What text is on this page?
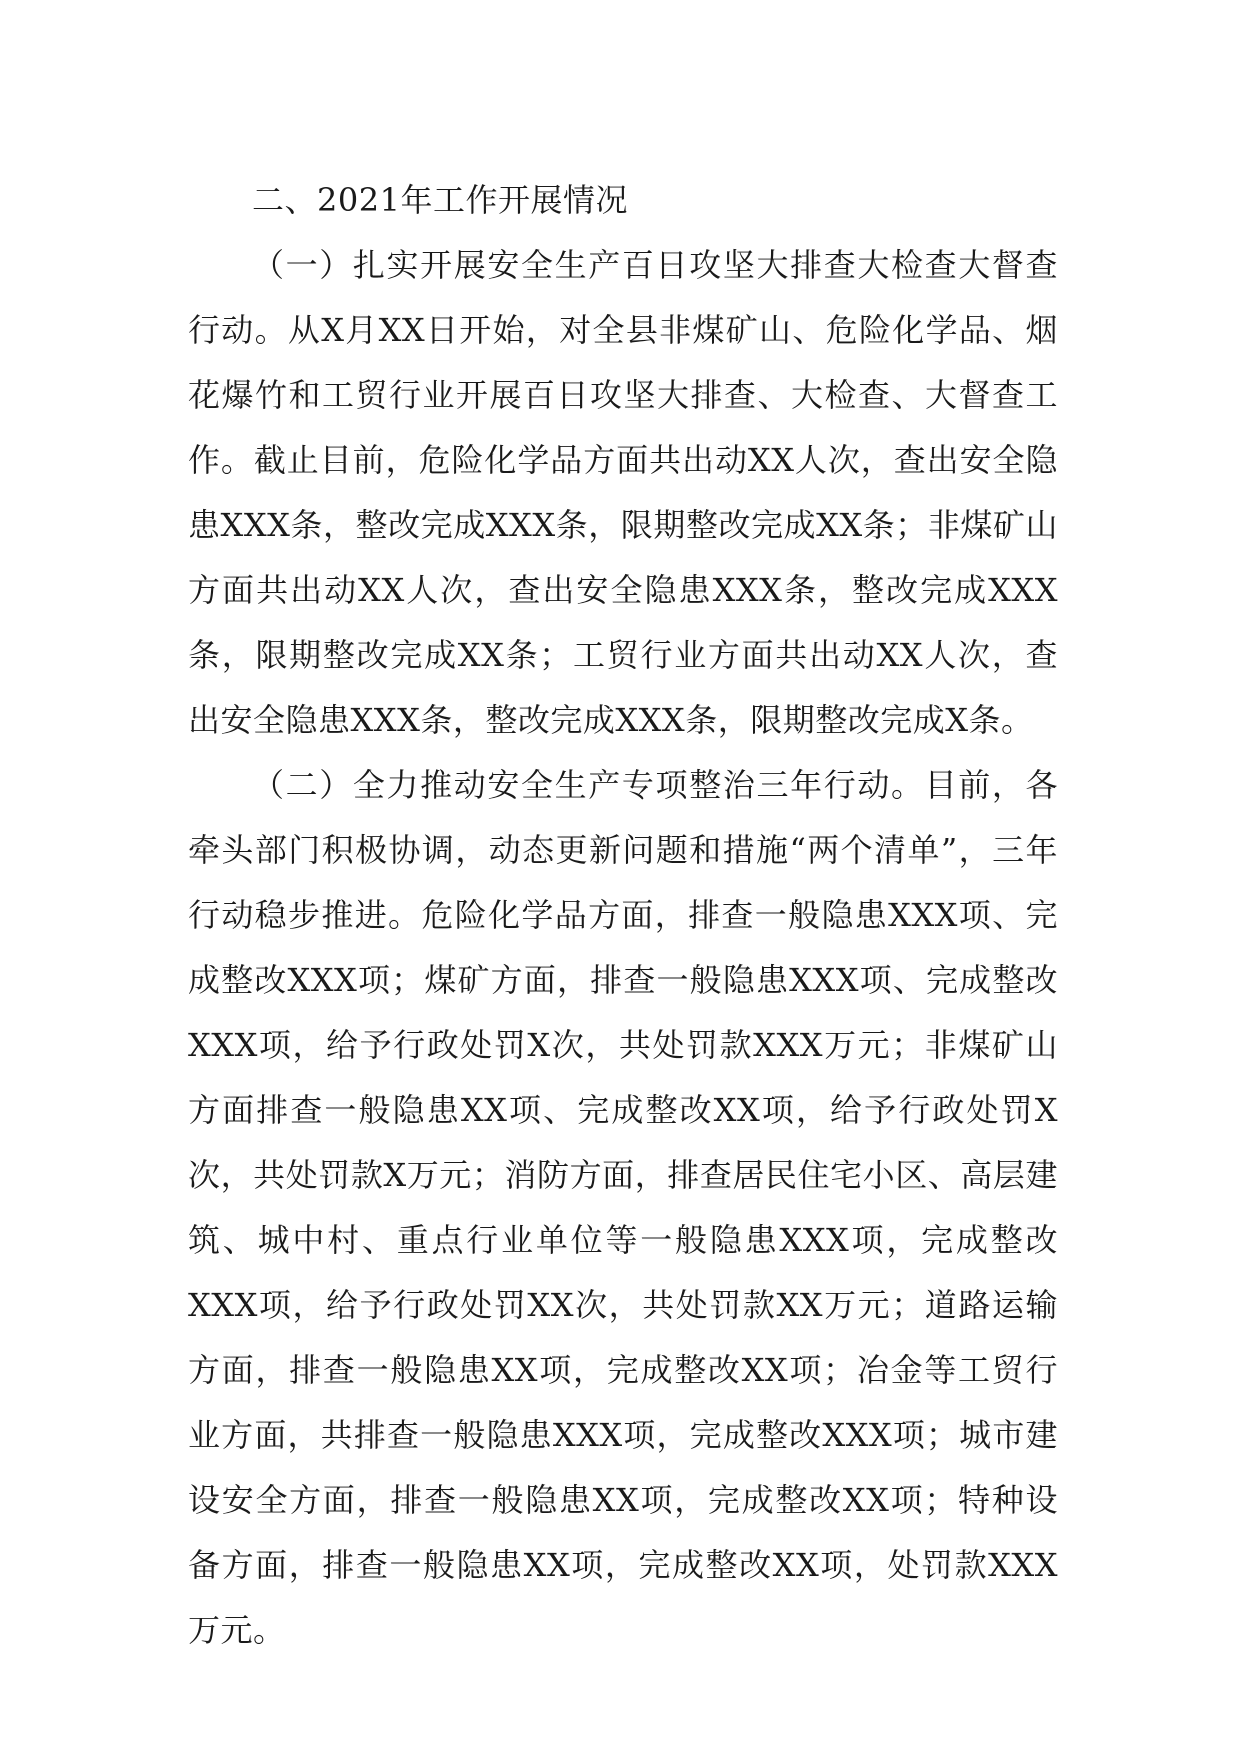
二、2021年工作开展情况

（一）扎实开展安全生产百日攻坚大排查大检查大督查行动。从X月XX日开始，对全县非煤矿山、危险化学品、烟花爆竹和工贸行业开展百日攻坚大排查、大检查、大督查工作。截止目前，危险化学品方面共出动XX人次，查出安全隐患XXX条，整改完成XXX条，限期整改完成XX条；非煤矿山方面共出动XX人次，查出安全隐患XXX条，整改完成XXX条，限期整改完成XX条；工贸行业方面共出动XX人次，查出安全隐患XXX条，整改完成XXX条，限期整改完成X条。

（二）全力推动安全生产专项整治三年行动。目前，各牵头部门积极协调，动态更新问题和措施“两个清单”，三年行动稳步推进。危险化学品方面，排查一般隐患XXX项、完成整改XXX项；煤矿方面，排查一般隐患XXX项、完成整改XXX项，给予行政处罚X次，共处罚款XXX万元；非煤矿山方面排查一般隐患XX项、完成整改XX项，给予行政处罚X次，共处罚款X万元；消防方面，排查居民住宅小区、高层建筑、城中村、重点行业单位等一般隐患XXX项，完成整改XXX项，给予行政处罚XX次，共处罚款XX万元；道路运输方面，排查一般隐患XX项，完成整改XX项；冶金等工贸行业方面，共排查一般隐患XXX项，完成整改XXX项；城市建设安全方面，排查一般隐患XX项，完成整改XX项；特种设备方面，排查一般隐患XX项，完成整改XX项，处罚款XXX万元。
